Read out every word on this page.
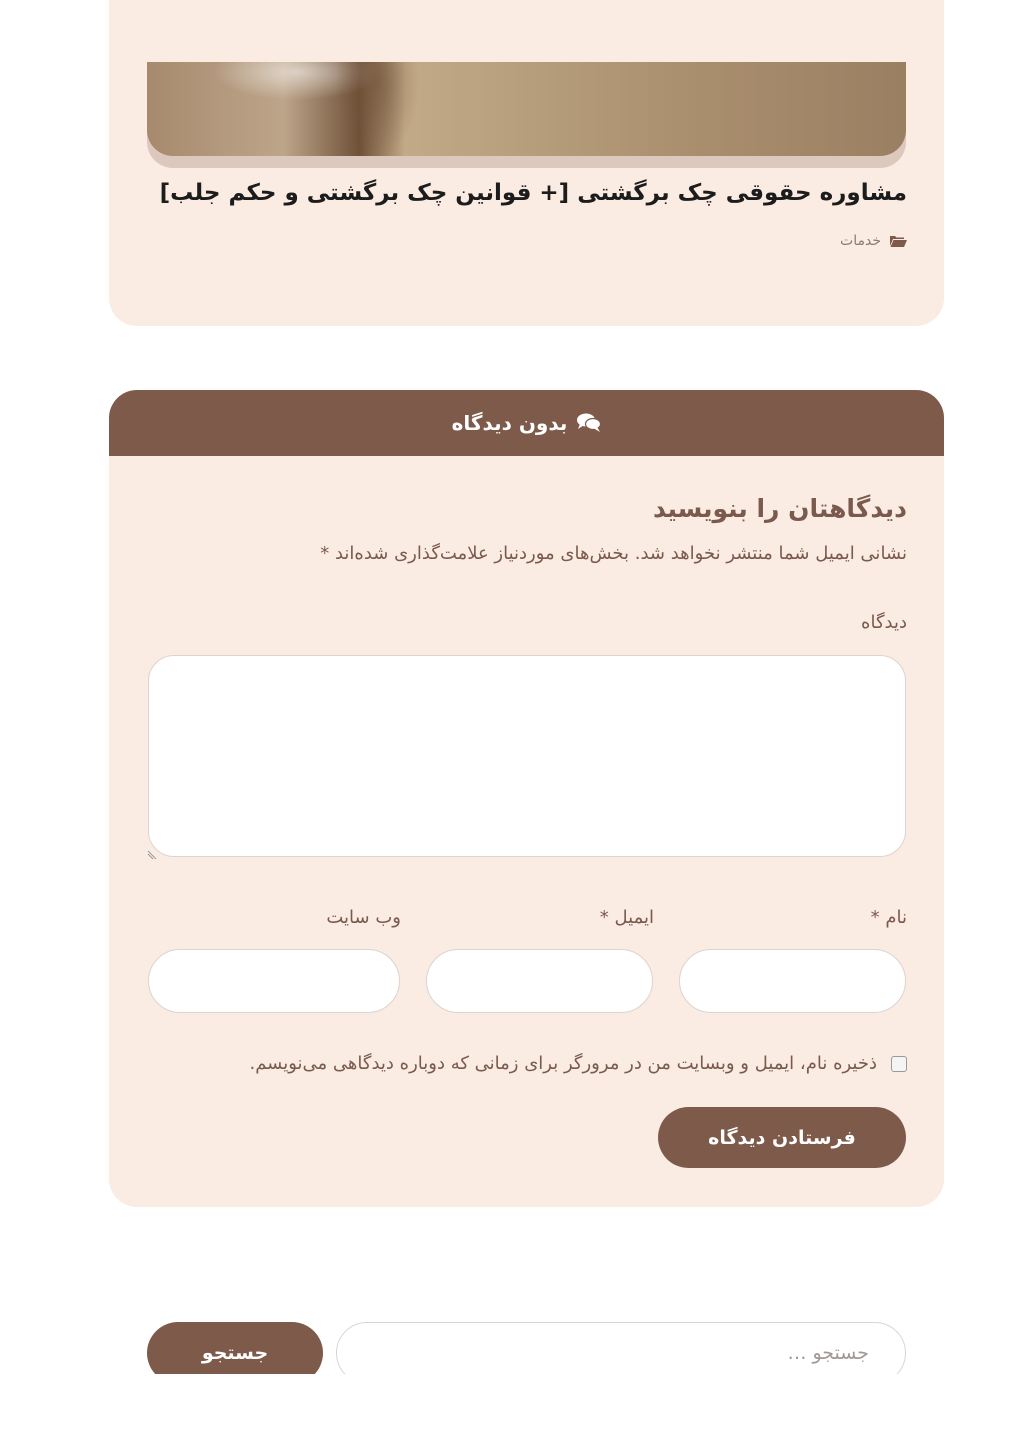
مشاوره حقوقی چک برگشتی [+ قوانین چک برگشتی و حکم جلب]
خدمات
بدون دیدگاه
دیدگاهتان را بنویسید
نشانی ایمیل شما منتشر نخواهد شد. بخش‌های موردنیاز علامت‌گذاری شده‌اند *
دیدگاه
نام *
ایمیل *
وب سایت
ذخیره نام، ایمیل و وبسایت من در مرورگر برای زمانی که دوباره دیدگاهی می‌نویسم.
فرستادن دیدگاه
جستجو …
جستجو
